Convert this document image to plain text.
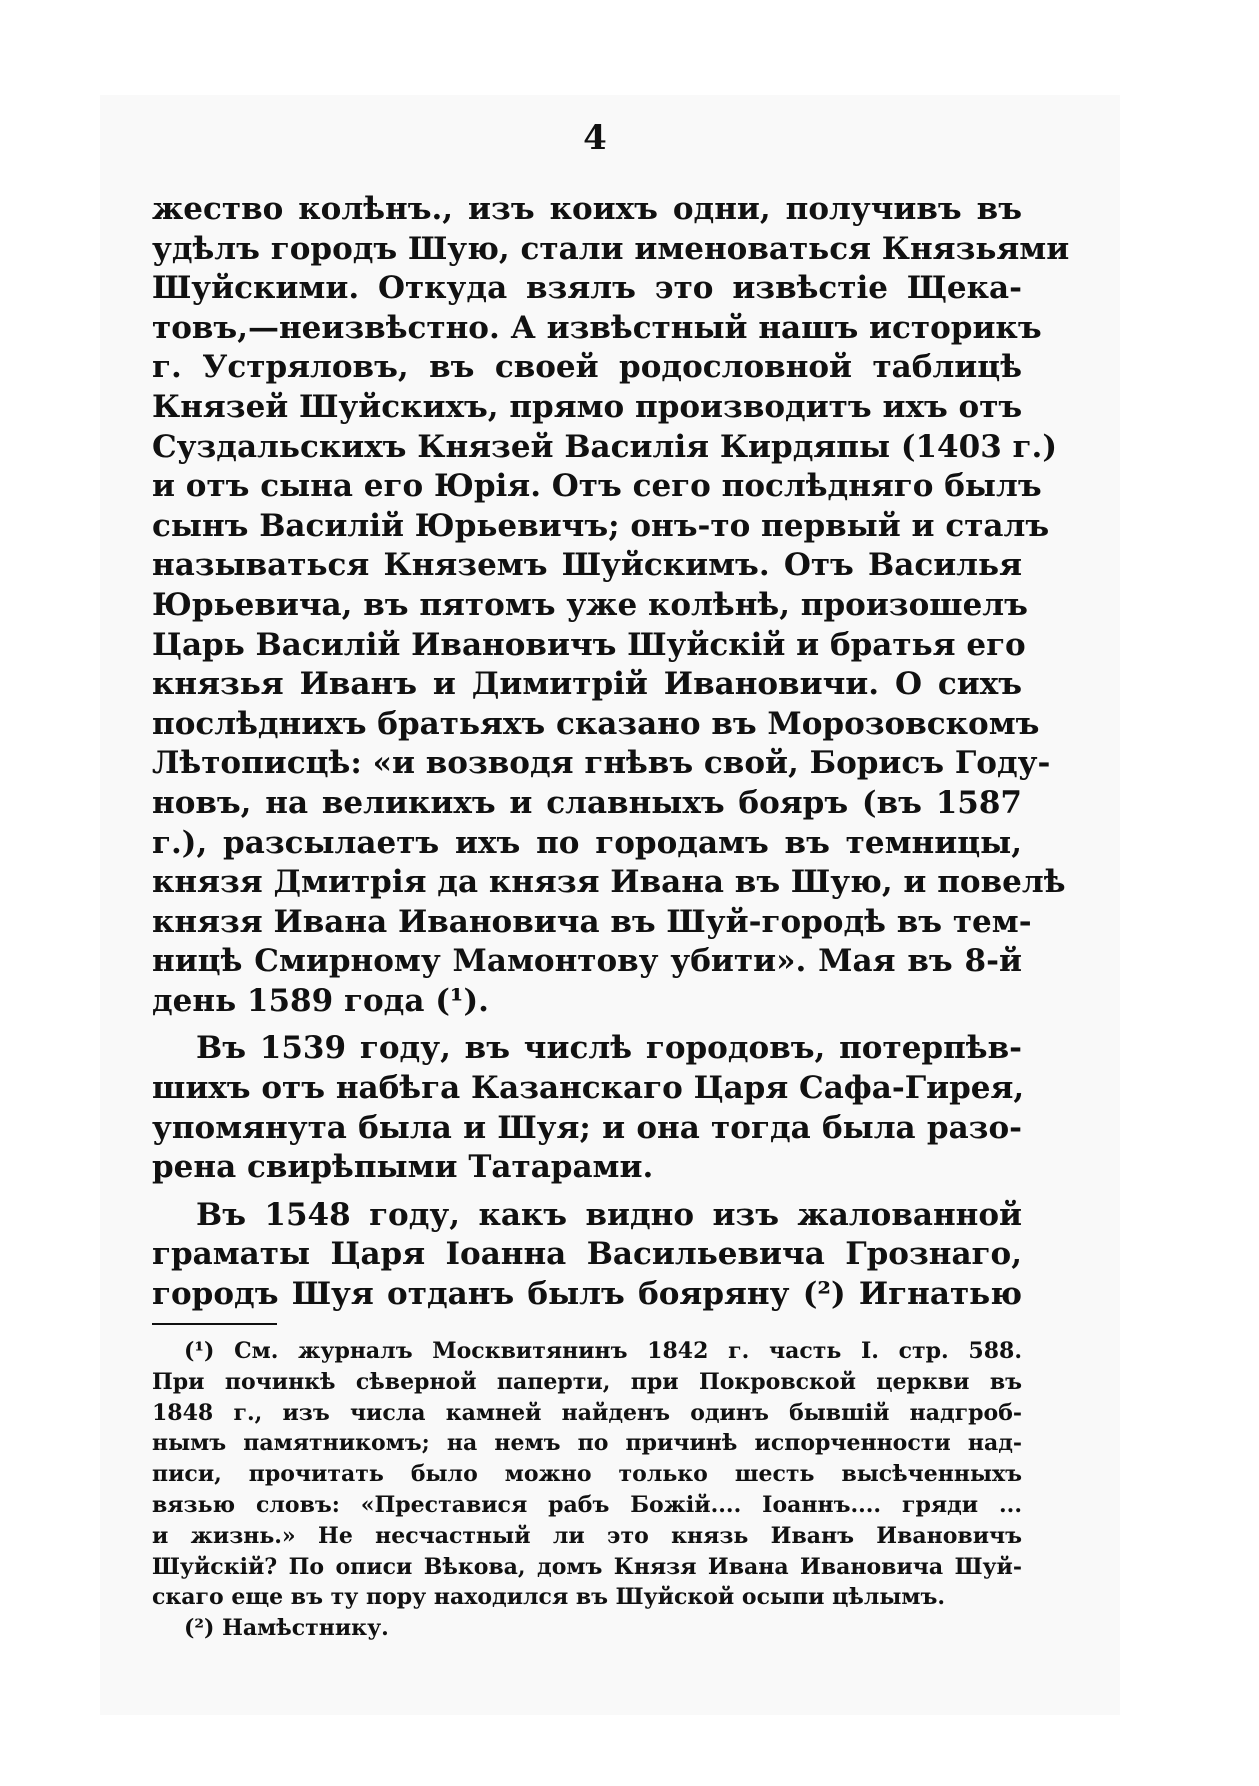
4
жество колѣнъ., изъ коихъ одни, получивъ въ
удѣлъ городъ Шую, стали именоваться Князьями
Шуйскими. Откуда взялъ это извѣстіе Щека-
товъ,—неизвѣстно. А извѣстный нашъ историкъ
г. Устряловъ, въ своей родословной таблицѣ
Князей Шуйскихъ, прямо производитъ ихъ отъ
Суздальскихъ Князей Василія Кирдяпы (1403 г.)
и отъ сына его Юрія. Отъ сего послѣдняго былъ
сынъ Василій Юрьевичъ; онъ-то первый и сталъ
называться Княземъ Шуйскимъ. Отъ Василья
Юрьевича, въ пятомъ уже колѣнѣ, произошелъ
Царь Василій Ивановичъ Шуйскій и братья его
князья Иванъ и Димитрій Ивановичи. О сихъ
послѣднихъ братьяхъ сказано въ Морозовскомъ
Лѣтописцѣ: «и возводя гнѣвъ свой, Борисъ Году-
новъ, на великихъ и славныхъ бояръ (въ 1587
г.), разсылаетъ ихъ по городамъ въ темницы,
князя Дмитрія да князя Ивана въ Шую, и повелѣ
князя Ивана Ивановича въ Шуй-городѣ въ тем-
ницѣ Смирному Мамонтову убити». Мая въ 8-й
день 1589 года (¹).
Въ 1539 году, въ числѣ городовъ, потерпѣв-
шихъ отъ набѣга Казанскаго Царя Сафа-Гирея,
упомянута была и Шуя; и она тогда была разо-
рена свирѣпыми Татарами.
Въ 1548 году, какъ видно изъ жалованной
граматы Царя Іоанна Васильевича Грознаго,
городъ Шуя отданъ былъ бояряну (²) Игнатью
(¹) См. журналъ Москвитянинъ 1842 г. часть I. стр. 588.
При починкѣ сѣверной паперти, при Покровской церкви въ
1848 г., изъ числа камней найденъ одинъ бывшій надгроб-
нымъ памятникомъ; на немъ по причинѣ испорченности над-
писи, прочитать было можно только шесть высѣченныхъ
вязью словъ: «Преставися рабъ Божій.... Іоаннъ.... гряди ...
и жизнь.» Не несчастный ли это князь Иванъ Ивановичъ
Шуйскій? По описи Вѣкова, домъ Князя Ивана Ивановича Шуй-
скаго еще въ ту пору находился въ Шуйской осыпи цѣлымъ.
(²) Намѣстнику.
